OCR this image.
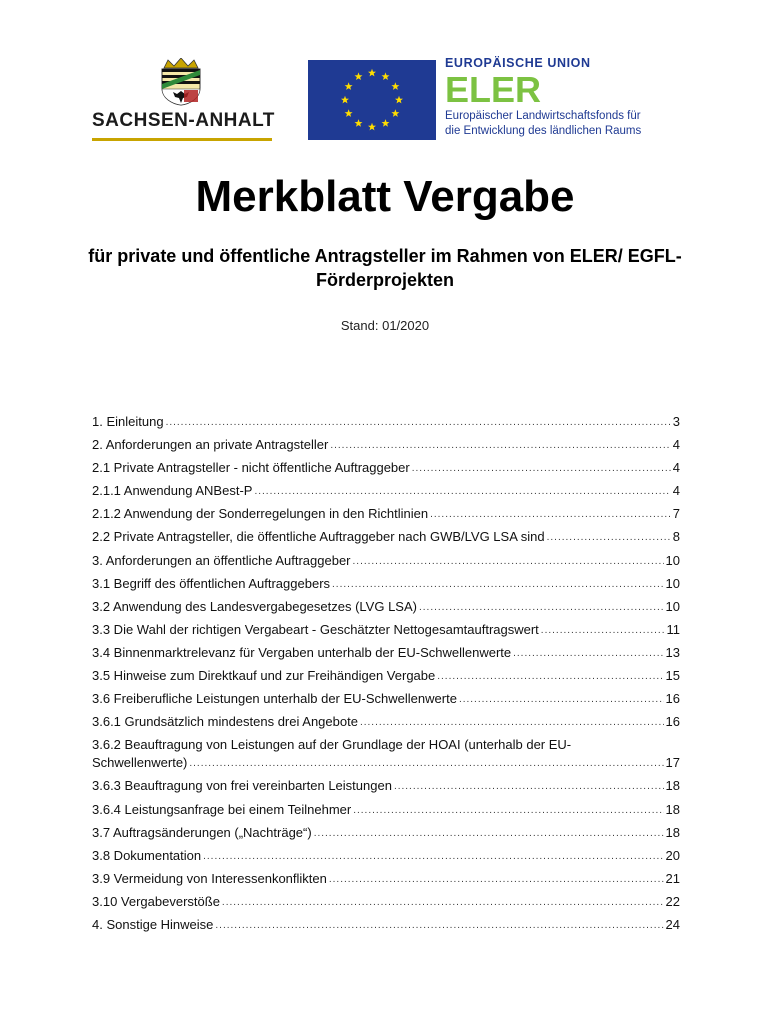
SACHSEN-ANHALT
EUROPÄISCHE UNION
ELER
Europäischer Landwirtschaftsfonds für
die Entwicklung des ländlichen Raums
Merkblatt Vergabe
für private und öffentliche Antragsteller im Rahmen von ELER/ EGFL- Förderprojekten
Stand: 01/2020
1. Einleitung .....	3
2. Anforderungen an private Antragsteller .....	4
2.1 Private Antragsteller - nicht öffentliche Auftraggeber .....	4
2.1.1 Anwendung ANBest-P .....	4
2.1.2 Anwendung der Sonderregelungen in den Richtlinien .....	7
2.2 Private Antragsteller, die öffentliche Auftraggeber nach GWB/LVG LSA sind .....	8
3. Anforderungen an öffentliche Auftraggeber .....	10
3.1 Begriff des öffentlichen Auftraggebers .....	10
3.2 Anwendung des Landesvergabegesetzes (LVG LSA) .....	10
3.3 Die Wahl der richtigen Vergabeart - Geschätzter Nettogesamtauftragswert .....	11
3.4 Binnenmarktrelevanz für Vergaben unterhalb der EU-Schwellenwerte .....	13
3.5 Hinweise zum Direktkauf und zur Freihändigen Vergabe .....	15
3.6 Freiberufliche Leistungen unterhalb der EU-Schwellenwerte .....	16
3.6.1 Grundsätzlich mindestens drei Angebote .....	16
3.6.2 Beauftragung von Leistungen auf der Grundlage der HOAI (unterhalb der EU-
Schwellenwerte) .....	17
3.6.3 Beauftragung von frei vereinbarten Leistungen .....	18
3.6.4 Leistungsanfrage bei einem Teilnehmer .....	18
3.7 Auftragsänderungen („Nachträge“) .....	18
3.8 Dokumentation .....	20
3.9 Vermeidung von Interessenkonflikten .....	21
3.10 Vergabeverstöße .....	22
4. Sonstige Hinweise .....	24
